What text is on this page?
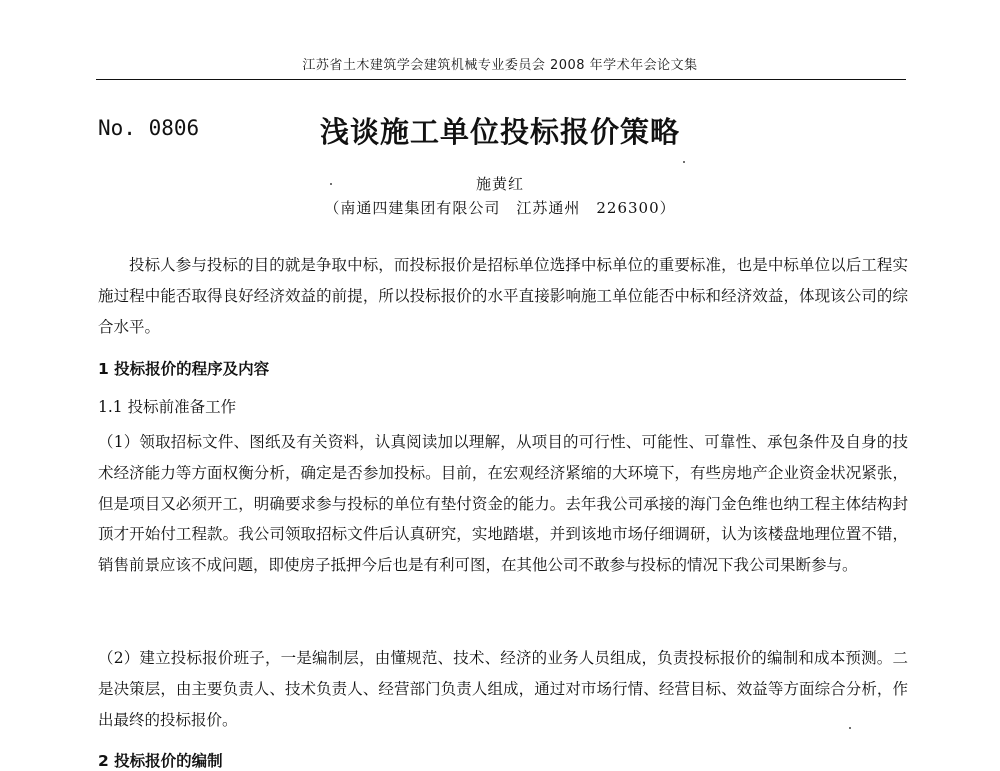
江苏省土木建筑学会建筑机械专业委员会 2008 年学术年会论文集
No. 0806	浅谈施工单位投标报价策略
施黄红
（南通四建集团有限公司　江苏通州　226300）
投标人参与投标的目的就是争取中标，而投标报价是招标单位选择中标单位的重要标准，也是中标单位以后工程实施过程中能否取得良好经济效益的前提，所以投标报价的水平直接影响施工单位能否中标和经济效益，体现该公司的综合水平。
1 投标报价的程序及内容
1.1 投标前准备工作
（1）领取招标文件、图纸及有关资料，认真阅读加以理解，从项目的可行性、可能性、可靠性、承包条件及自身的技术经济能力等方面权衡分析，确定是否参加投标。目前，在宏观经济紧缩的大环境下，有些房地产企业资金状况紧张，但是项目又必须开工，明确要求参与投标的单位有垫付资金的能力。去年我公司承接的海门金色维也纳工程主体结构封顶才开始付工程款。我公司领取招标文件后认真研究，实地踏堪，并到该地市场仔细调研，认为该楼盘地理位置不错，销售前景应该不成问题，即使房子抵押今后也是有利可图，在其他公司不敢参与投标的情况下我公司果断参与。
（2）建立投标报价班子，一是编制层，由懂规范、技术、经济的业务人员组成，负责投标报价的编制和成本预测。二是决策层，由主要负责人、技术负责人、经营部门负责人组成，通过对市场行情、经营目标、效益等方面综合分析，作出最终的投标报价。
2 投标报价的编制
